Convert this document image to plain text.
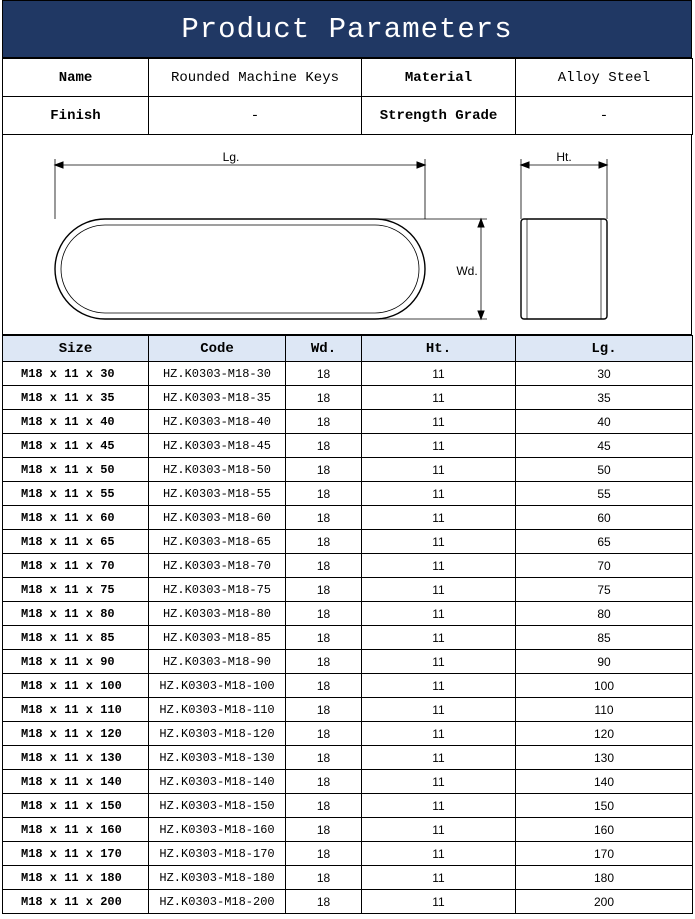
Product Parameters
Name	Rounded Machine Keys	Material	Alloy Steel
Finish	-	Strength Grade	-
Lg.
Wd.
Ht.
Size	Code	Wd.	Ht.	Lg.
M18 x 11 x 30	HZ.K0303-M18-30	18	11	30
M18 x 11 x 35	HZ.K0303-M18-35	18	11	35
M18 x 11 x 40	HZ.K0303-M18-40	18	11	40
M18 x 11 x 45	HZ.K0303-M18-45	18	11	45
M18 x 11 x 50	HZ.K0303-M18-50	18	11	50
M18 x 11 x 55	HZ.K0303-M18-55	18	11	55
M18 x 11 x 60	HZ.K0303-M18-60	18	11	60
M18 x 11 x 65	HZ.K0303-M18-65	18	11	65
M18 x 11 x 70	HZ.K0303-M18-70	18	11	70
M18 x 11 x 75	HZ.K0303-M18-75	18	11	75
M18 x 11 x 80	HZ.K0303-M18-80	18	11	80
M18 x 11 x 85	HZ.K0303-M18-85	18	11	85
M18 x 11 x 90	HZ.K0303-M18-90	18	11	90
M18 x 11 x 100	HZ.K0303-M18-100	18	11	100
M18 x 11 x 110	HZ.K0303-M18-110	18	11	110
M18 x 11 x 120	HZ.K0303-M18-120	18	11	120
M18 x 11 x 130	HZ.K0303-M18-130	18	11	130
M18 x 11 x 140	HZ.K0303-M18-140	18	11	140
M18 x 11 x 150	HZ.K0303-M18-150	18	11	150
M18 x 11 x 160	HZ.K0303-M18-160	18	11	160
M18 x 11 x 170	HZ.K0303-M18-170	18	11	170
M18 x 11 x 180	HZ.K0303-M18-180	18	11	180
M18 x 11 x 200	HZ.K0303-M18-200	18	11	200
